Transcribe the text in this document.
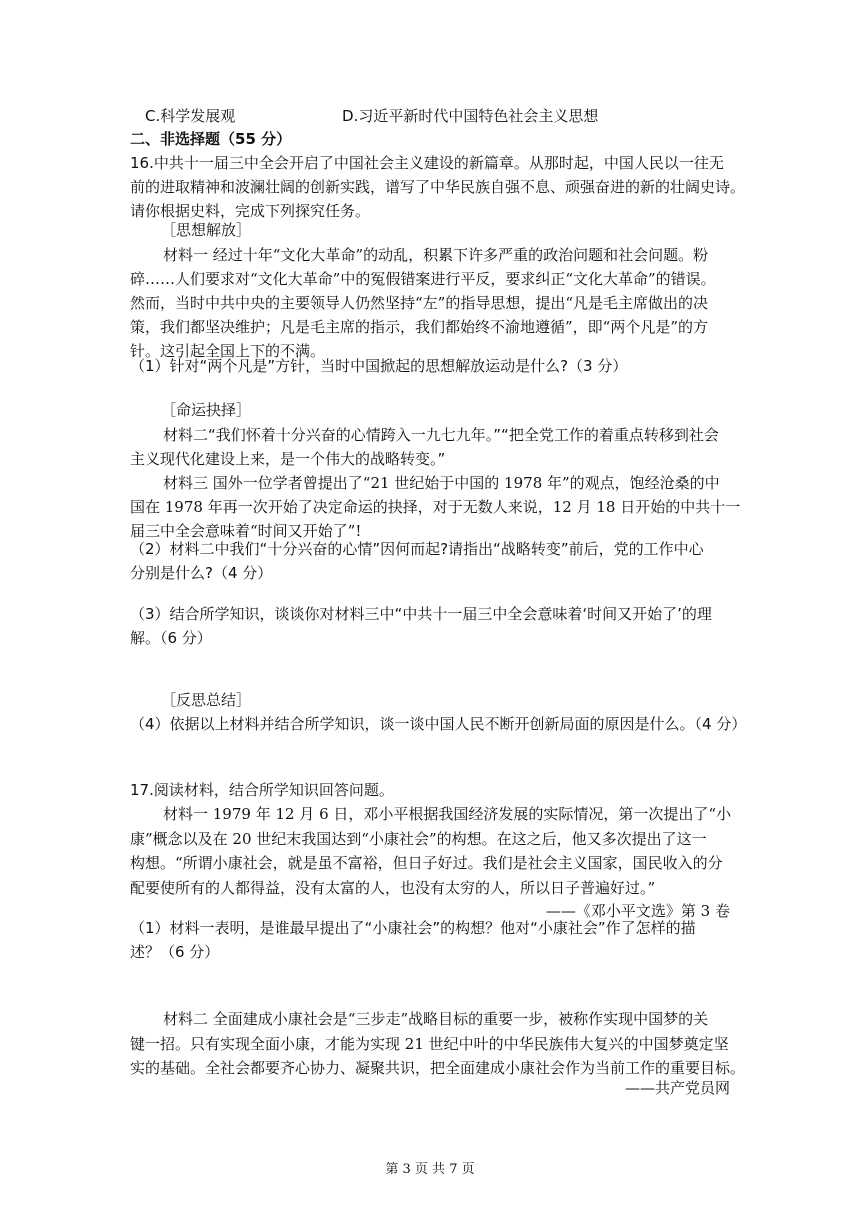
C.科学发展观	D.习近平新时代中国特色社会主义思想
二、非选择题（55 分）
16.中共十一届三中全会开启了中国社会主义建设的新篇章。从那时起，中国人民以一往无
前的进取精神和波澜壮阔的创新实践，谱写了中华民族自强不息、顽强奋进的新的壮阔史诗。
请你根据史料，完成下列探究任务。
［思想解放］
材料一 经过十年“文化大革命”的动乱，积累下许多严重的政治问题和社会问题。粉
碎……人们要求对“文化大革命”中的冤假错案进行平反，要求纠正“文化大革命”的错误。
然而，当时中共中央的主要领导人仍然坚持“左”的指导思想，提出“凡是毛主席做出的决
策，我们都坚决维护；凡是毛主席的指示，我们都始终不渝地遵循”，即“两个凡是”的方
针。这引起全国上下的不满。
（1）针对“两个凡是”方针，当时中国掀起的思想解放运动是什么?（3 分）
［命运抉择］
材料二“我们怀着十分兴奋的心情跨入一九七九年。”“把全党工作的着重点转移到社会
主义现代化建设上来，是一个伟大的战略转变。”
材料三 国外一位学者曾提出了“21 世纪始于中国的 1978 年”的观点，饱经沧桑的中
国在 1978 年再一次开始了决定命运的抉择，对于无数人来说，12 月 18 日开始的中共十一
届三中全会意味着“时间又开始了”!
（2）材料二中我们“十分兴奋的心情”因何而起?请指出“战略转变”前后，党的工作中心
分别是什么?（4 分）
（3）结合所学知识，谈谈你对材料三中“中共十一届三中全会意味着‘时间又开始了’的理
解。（6 分）
［反思总结］
（4）依据以上材料并结合所学知识，谈一谈中国人民不断开创新局面的原因是什么。（4 分）
17.阅读材料，结合所学知识回答问题。
材料一 1979 年 12 月 6 日，邓小平根据我国经济发展的实际情况，第一次提出了“小
康”概念以及在 20 世纪末我国达到“小康社会”的构想。在这之后，他又多次提出了这一
构想。“所谓小康社会，就是虽不富裕，但日子好过。我们是社会主义国家，国民收入的分
配要使所有的人都得益，没有太富的人，也没有太穷的人，所以日子普遍好过。”
——《邓小平文选》第 3 卷
（1）材料一表明，是谁最早提出了“小康社会”的构想？他对“小康社会”作了怎样的描
述？（6 分）
材料二 全面建成小康社会是“三步走”战略目标的重要一步，被称作实现中国梦的关
键一招。只有实现全面小康，才能为实现 21 世纪中叶的中华民族伟大复兴的中国梦奠定坚
实的基础。全社会都要齐心协力、凝聚共识，把全面建成小康社会作为当前工作的重要目标。
——共产党员网
第 3 页 共 7 页
